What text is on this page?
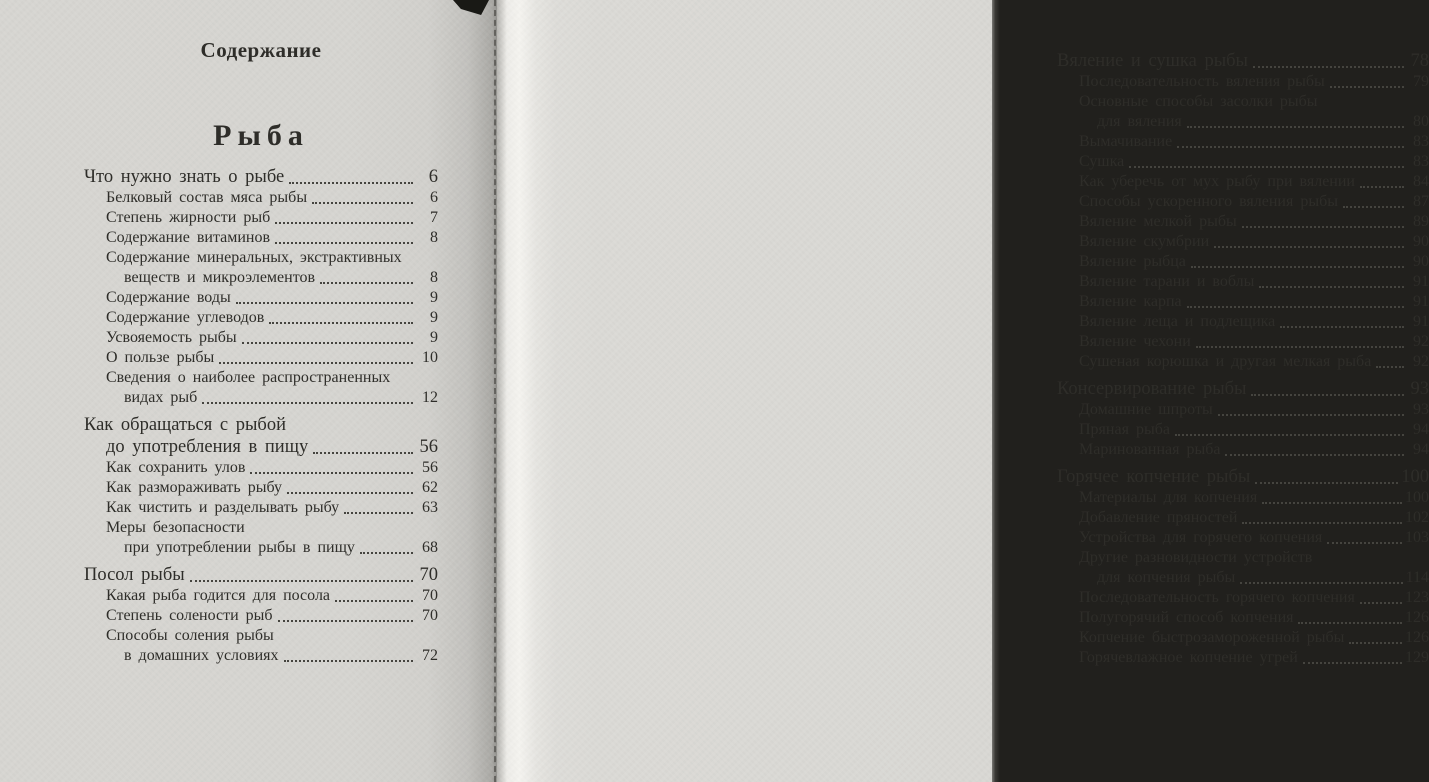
Содержание
Рыба
Что нужно знать о рыбе	6
Белковый состав мяса рыбы	6
Степень жирности рыб	7
Содержание витаминов	8
Содержание минеральных, экстрактивных
веществ и микроэлементов	8
Содержание воды	9
Содержание углеводов	9
Усвояемость рыбы	9
О пользе рыбы	10
Сведения о наиболее распространенных
видах рыб	12
Как обращаться с рыбой
до употребления в пищу	56
Как сохранить улов	56
Как размораживать рыбу	62
Как чистить и разделывать рыбу	63
Меры безопасности
при употреблении рыбы в пищу	68
Посол рыбы	70
Какая рыба годится для посола	70
Степень солености рыб	70
Способы соления рыбы
в домашних условиях	72
Вяление и сушка рыбы	78
Последовательность вяления рыбы	79
Основные способы засолки рыбы
для вяления	80
Вымачивание	83
Сушка	83
Как уберечь от мух рыбу при вялении	84
Способы ускоренного вяления рыбы	87
Вяление мелкой рыбы	89
Вяление скумбрии	90
Вяление рыбца	90
Вяление тарани и воблы	91
Вяление карпа	91
Вяление леща и подлещика	91
Вяление чехони	92
Сушеная корюшка и другая мелкая рыба	92
Консервирование рыбы	93
Домашние шпроты	93
Пряная рыба	94
Маринованная рыба	94
Горячее копчение рыбы	100
Материалы для копчения	100
Добавление пряностей	102
Устройства для горячего копчения	103
Другие разновидности устройств
для копчения рыбы	114
Последовательность горячего копчения	123
Полугорячий способ копчения	126
Копчение быстрозамороженной рыбы	126
Горячевлажное копчение угрей	129
